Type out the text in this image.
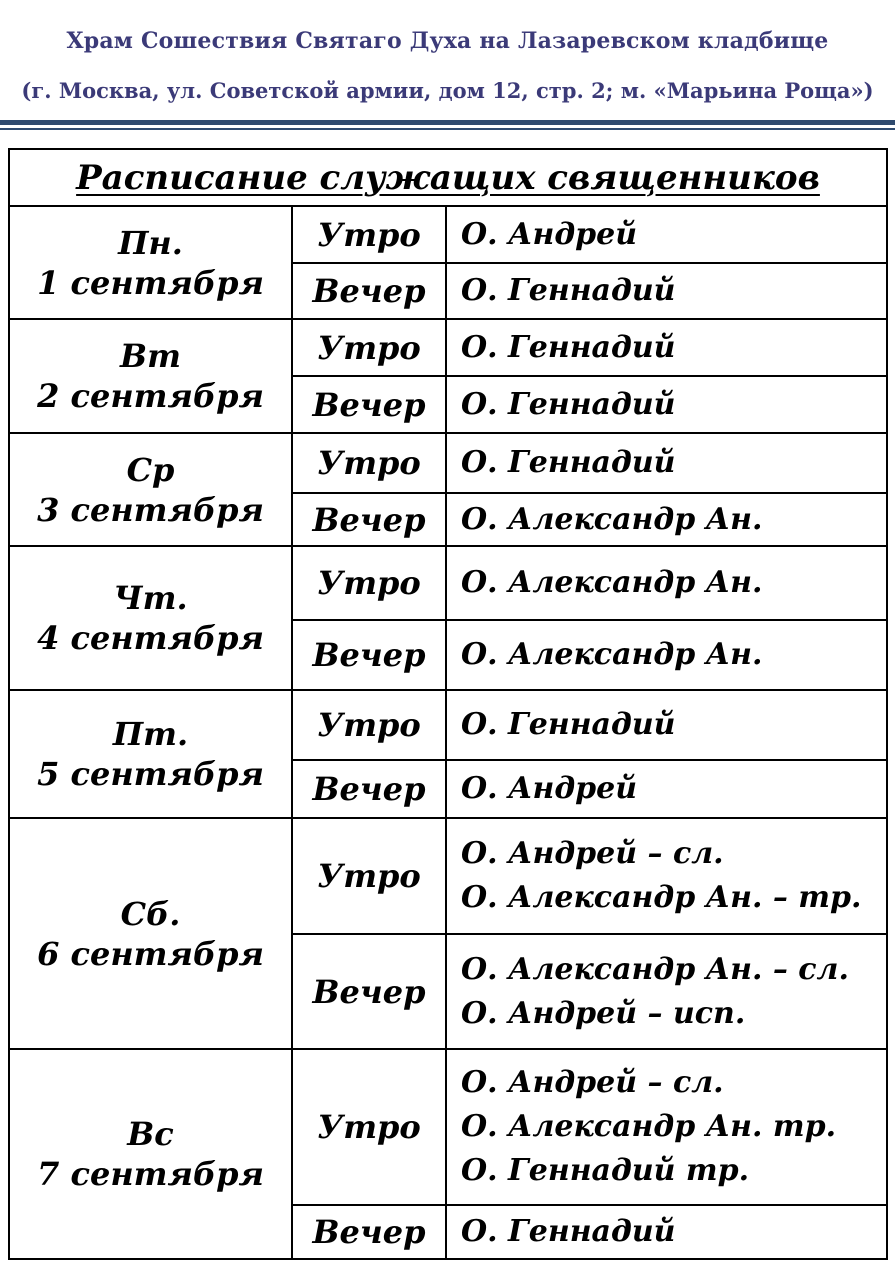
Храм Сошествия Святаго Духа на Лазаревском кладбище
(г. Москва, ул. Советской армии, дом 12, стр. 2; м. «Марьина Роща»)
Расписание служащих священников		

Пн.
1 сентября	Утро	О. Андрей

	Вечер	О. Геннадий

Вт
2 сентября	Утро	О. Геннадий

	Вечер	О. Геннадий

Ср
3 сентября	Утро	О. Геннадий

	Вечер	О. Александр Ан.

Чт.
4 сентября	Утро	О. Александр Ан.

	Вечер	О. Александр Ан.

Пт.
5 сентября	Утро	О. Геннадий

	Вечер	О. Андрей

Сб.
6 сентября	Утро	О. Андрей – сл.
О. Александр Ан. – тр.

	Вечер	О. Александр Ан. – сл.
О. Андрей – исп.

Вс
7 сентября	Утро	О. Андрей – сл.
О. Александр Ан. тр.
О. Геннадий тр.

	Вечер	О. Геннадий
